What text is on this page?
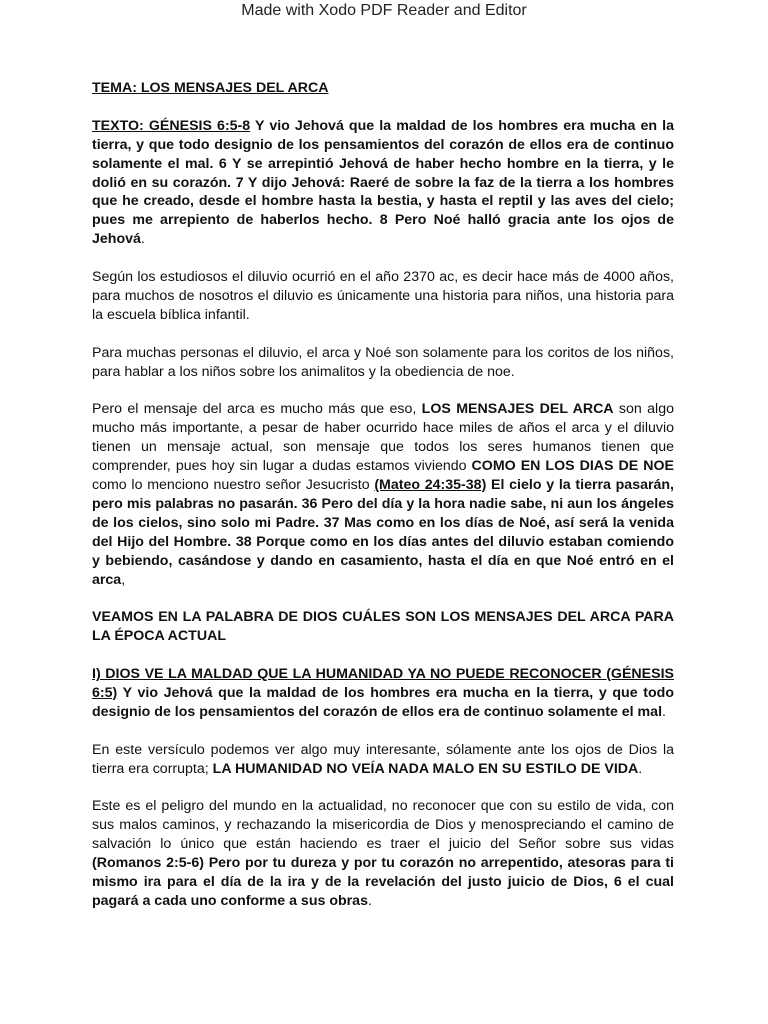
Made with Xodo PDF Reader and Editor

TEMA: LOS MENSAJES DEL ARCA

TEXTO: GÉNESIS 6:5-8 Y vio Jehová que la maldad de los hombres era mucha en la tierra, y que todo designio de los pensamientos del corazón de ellos era de continuo solamente el mal. 6 Y se arrepintió Jehová de haber hecho hombre en la tierra, y le dolió en su corazón. 7 Y dijo Jehová: Raeré de sobre la faz de la tierra a los hombres que he creado, desde el hombre hasta la bestia, y hasta el reptil y las aves del cielo; pues me arrepiento de haberlos hecho. 8 Pero Noé halló gracia ante los ojos de Jehová.

Según los estudiosos el diluvio ocurrió en el año 2370 ac, es decir hace más de 4000 años, para muchos de nosotros el diluvio es únicamente una historia para niños, una historia para la escuela bíblica infantil.

Para muchas personas el diluvio, el arca y Noé son solamente para los coritos de los niños, para hablar a los niños sobre los animalitos y la obediencia de noe.

Pero el mensaje del arca es mucho más que eso, LOS MENSAJES DEL ARCA son algo mucho más importante, a pesar de haber ocurrido hace miles de años el arca y el diluvio tienen un mensaje actual, son mensaje que todos los seres humanos tienen que comprender, pues hoy sin lugar a dudas estamos viviendo COMO EN LOS DIAS DE NOE como lo menciono nuestro señor Jesucristo (Mateo 24:35-38) El cielo y la tierra pasarán, pero mis palabras no pasarán. 36 Pero del día y la hora nadie sabe, ni aun los ángeles de los cielos, sino solo mi Padre. 37 Mas como en los días de Noé, así será la venida del Hijo del Hombre. 38 Porque como en los días antes del diluvio estaban comiendo y bebiendo, casándose y dando en casamiento, hasta el día en que Noé entró en el arca,

VEAMOS EN LA PALABRA DE DIOS CUÁLES SON LOS MENSAJES DEL ARCA PARA LA ÉPOCA ACTUAL

I) DIOS VE LA MALDAD QUE LA HUMANIDAD YA NO PUEDE RECONOCER (GÉNESIS 6:5) Y vio Jehová que la maldad de los hombres era mucha en la tierra, y que todo designio de los pensamientos del corazón de ellos era de continuo solamente el mal.

En este versículo podemos ver algo muy interesante, sólamente ante los ojos de Dios la tierra era corrupta; LA HUMANIDAD NO VEÍA NADA MALO EN SU ESTILO DE VIDA.

Este es el peligro del mundo en la actualidad, no reconocer que con su estilo de vida, con sus malos caminos, y rechazando la misericordia de Dios y menospreciando el camino de salvación lo único que están haciendo es traer el juicio del Señor sobre sus vidas (Romanos 2:5-6) Pero por tu dureza y por tu corazón no arrepentido, atesoras para ti mismo ira para el día de la ira y de la revelación del justo juicio de Dios, 6 el cual pagará a cada uno conforme a sus obras.
